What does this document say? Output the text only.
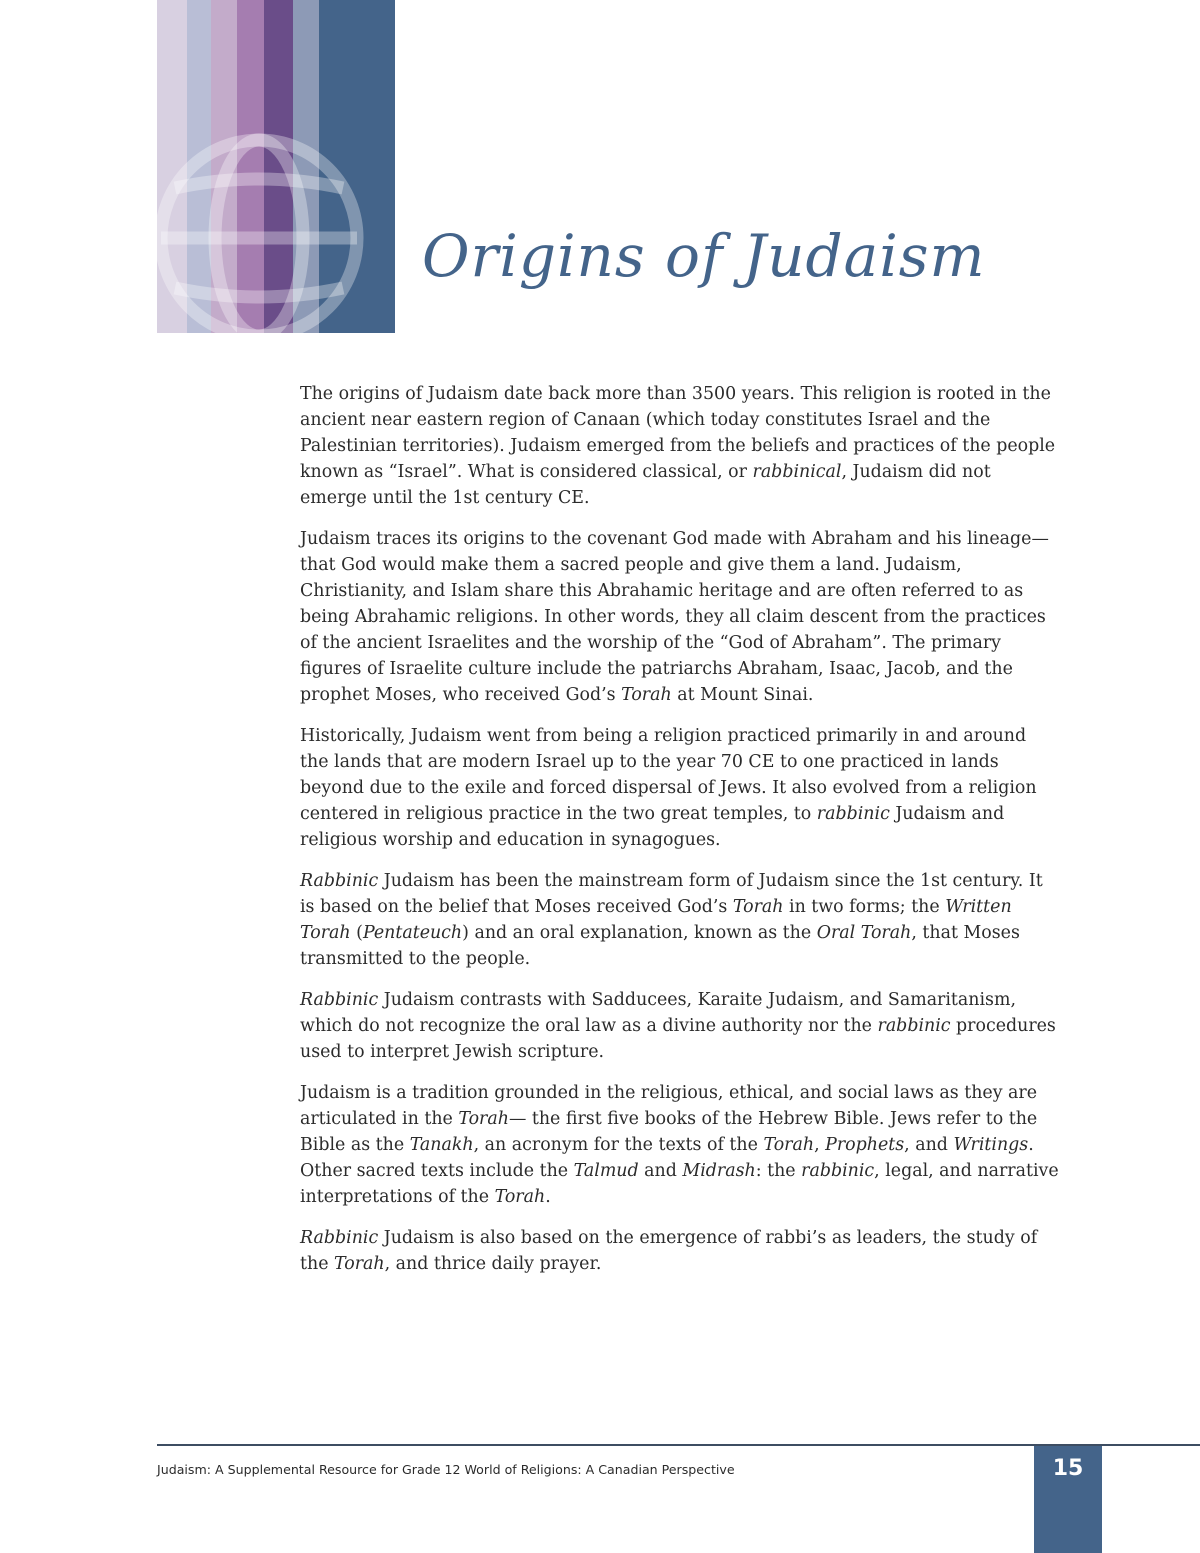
Origins of Judaism

The origins of Judaism date back more than 3500 years. This religion is rooted in the ancient near eastern region of Canaan (which today constitutes Israel and the Palestinian territories). Judaism emerged from the beliefs and practices of the people known as “Israel”. What is considered classical, or rabbinical, Judaism did not emerge until the 1st century CE.

Judaism traces its origins to the covenant God made with Abraham and his lineage—that God would make them a sacred people and give them a land. Judaism, Christianity, and Islam share this Abrahamic heritage and are often referred to as being Abrahamic religions. In other words, they all claim descent from the practices of the ancient Israelites and the worship of the “God of Abraham”. The primary figures of Israelite culture include the patriarchs Abraham, Isaac, Jacob, and the prophet Moses, who received God’s Torah at Mount Sinai.

Historically, Judaism went from being a religion practiced primarily in and around the lands that are modern Israel up to the year 70 CE to one practiced in lands beyond due to the exile and forced dispersal of Jews. It also evolved from a religion centered in religious practice in the two great temples, to rabbinic Judaism and religious worship and education in synagogues.

Rabbinic Judaism has been the mainstream form of Judaism since the 1st century. It is based on the belief that Moses received God’s Torah in two forms; the Written Torah (Pentateuch) and an oral explanation, known as the Oral Torah, that Moses transmitted to the people.

Rabbinic Judaism contrasts with Sadducees, Karaite Judaism, and Samaritanism, which do not recognize the oral law as a divine authority nor the rabbinic procedures used to interpret Jewish scripture.

Judaism is a tradition grounded in the religious, ethical, and social laws as they are articulated in the Torah— the first five books of the Hebrew Bible. Jews refer to the Bible as the Tanakh, an acronym for the texts of the Torah, Prophets, and Writings. Other sacred texts include the Talmud and Midrash: the rabbinic, legal, and narrative interpretations of the Torah.

Rabbinic Judaism is also based on the emergence of rabbi’s as leaders, the study of the Torah, and thrice daily prayer.

Judaism: A Supplemental Resource for Grade 12 World of Religions: A Canadian Perspective	15
